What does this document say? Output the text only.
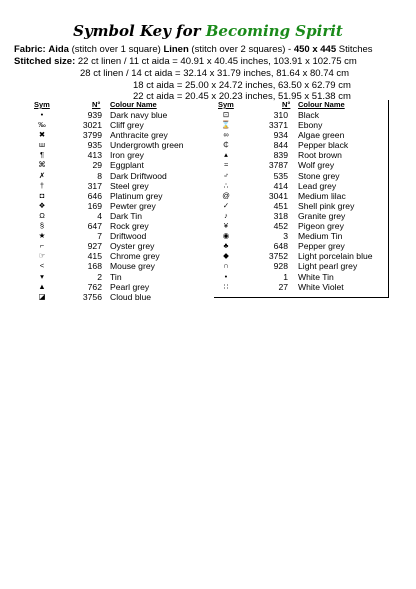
Symbol Key for Becoming Spirit
Fabric: Aida (stitch over 1 square) Linen (stitch over 2 squares) - 450 x 445 Stitches
Stitched size: 22 ct linen / 11 ct aida = 40.91 x 40.45 inches, 103.91 x 102.75 cm
28 ct linen / 14 ct aida = 32.14 x 31.79 inches, 81.64 x 80.74 cm
18 ct aida = 25.00 x 24.72 inches, 63.50 x 62.79 cm
22 ct aida = 20.45 x 20.23 inches, 51.95 x 51.38 cm
Sym	N° Colour Name	Sym	N° Colour Name
•	939 Dark navy blue
‰	3021 Cliff grey
✖	3799 Anthracite grey
ш	935 Undergrowth green
¶	413 Iron grey
⌘	29 Eggplant
✗	8 Dark Driftwood
†	317 Steel grey
◘	646 Platinum grey
❖	169 Pewter grey
Ω	4 Dark Tin
§	647 Rock grey
★	7 Driftwood
⌐	927 Oyster grey
☞	415 Chrome grey
<	168 Mouse grey
▾	2 Tin
▲	762 Pearl grey
◪	3756 Cloud blue
⊡	310 Black
⌛	3371 Ebony
∞	934 Algae green
₵	844 Pepper black
▴	839 Root brown
≈	3787 Wolf grey
♂	535 Stone grey
∴	414 Lead grey
@	3041 Medium lilac
✓	451 Shell pink grey
♪	318 Granite grey
¥	452 Pigeon grey
◉	3 Medium Tin
♣	648 Pepper grey
◆	3752 Light porcelain blue
∩	928 Light pearl grey
•	1 White Tin
∷	27 White Violet
